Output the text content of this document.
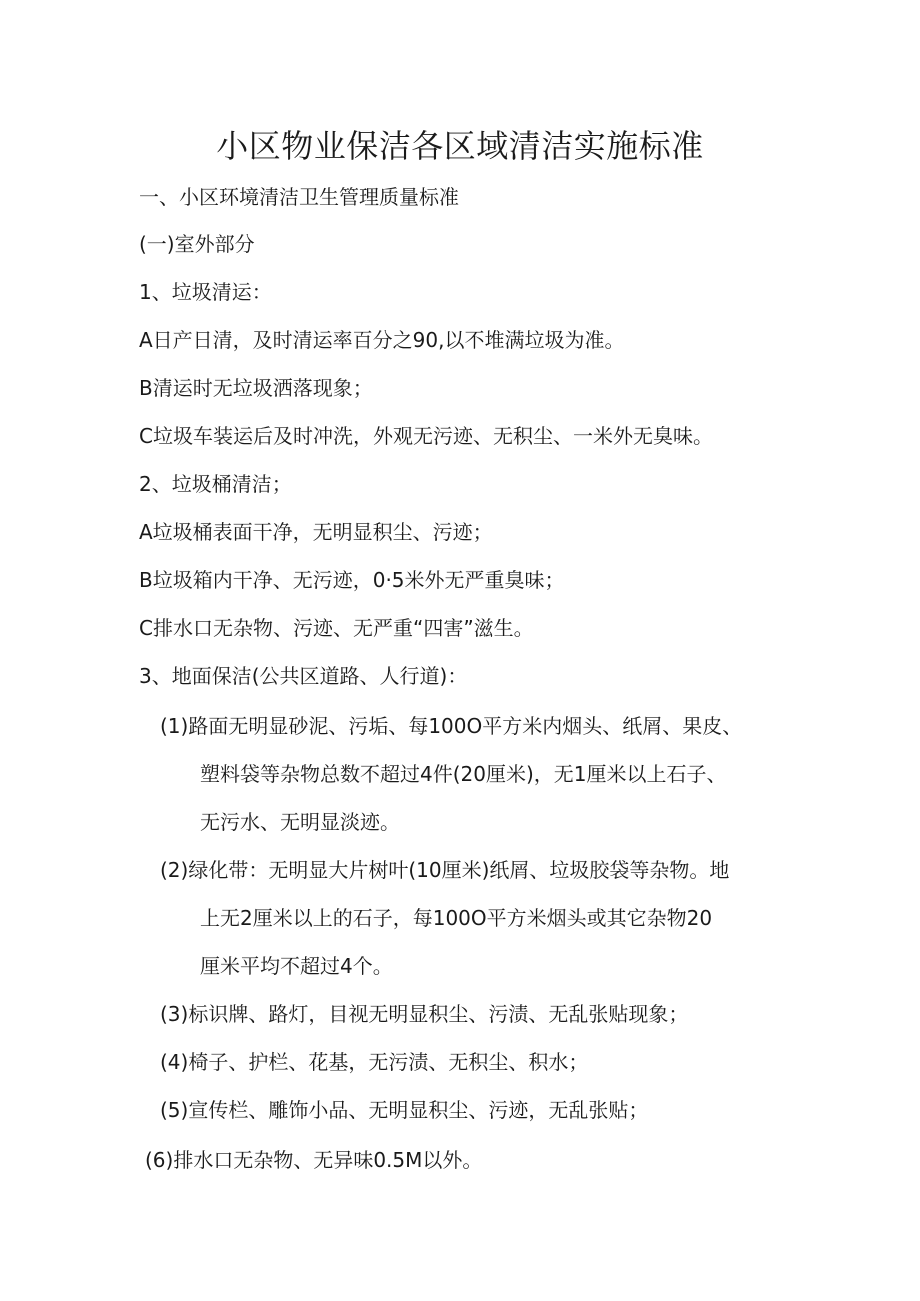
小区物业保洁各区域清洁实施标准
一、小区环境清洁卫生管理质量标准
(一)室外部分
1、垃圾清运：
A日产日清，及时清运率百分之90,以不堆满垃圾为准。
B清运时无垃圾洒落现象；
C垃圾车装运后及时冲洗，外观无污迹、无积尘、一米外无臭味。
2、垃圾桶清洁；
A垃圾桶表面干净，无明显积尘、污迹；
B垃圾箱内干净、无污迹，0·5米外无严重臭味；
C排水口无杂物、污迹、无严重“四害”滋生。
3、地面保洁(公共区道路、人行道)：
(1)路面无明显砂泥、污垢、每100O平方米内烟头、纸屑、果皮、
塑料袋等杂物总数不超过4件(20厘米)，无1厘米以上石子、
无污水、无明显淡迹。
(2)绿化带：无明显大片树叶(10厘米)纸屑、垃圾胶袋等杂物。地
上无2厘米以上的石子，每100O平方米烟头或其它杂物20
厘米平均不超过4个。
(3)标识牌、路灯，目视无明显积尘、污渍、无乱张贴现象；
(4)椅子、护栏、花基，无污渍、无积尘、积水；
(5)宣传栏、雕饰小品、无明显积尘、污迹，无乱张贴；
(6)排水口无杂物、无异味0.5M以外。
